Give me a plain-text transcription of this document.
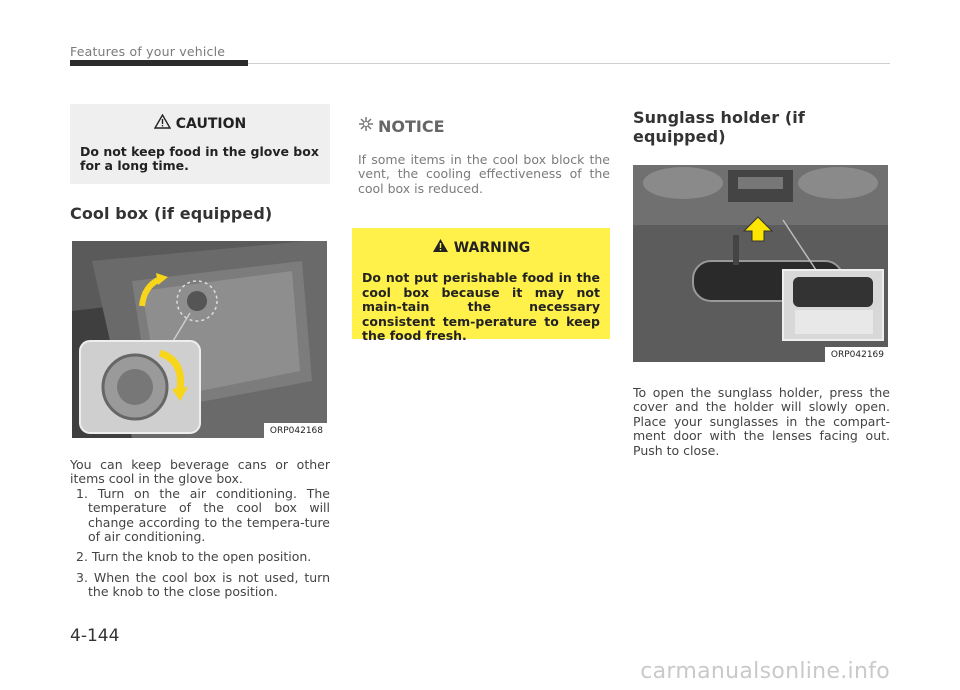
Features of your vehicle
CAUTION
Do not keep food in the glove box for a long time.
Cool box (if equipped)
ORP042168
You can keep beverage cans or other items cool in the glove box.
1. Turn on the air conditioning. The temperature of the cool box will change according to the tempera-ture of air conditioning.
2. Turn the knob to the open position.
3. When the cool box is not used, turn the knob to the close position.
NOTICE
If some items in the cool box block the vent, the cooling effectiveness of the cool box is reduced.
WARNING
Do not put perishable food in the cool box because it may not main-tain the necessary consistent tem-perature to keep the food fresh.
Sunglass holder (if equipped)
ORP042169
To open the sunglass holder, press the cover and the holder will slowly open. Place your sunglasses in the compart-ment door with the lenses facing out. Push to close.
4-144
carmanualsonline.info
